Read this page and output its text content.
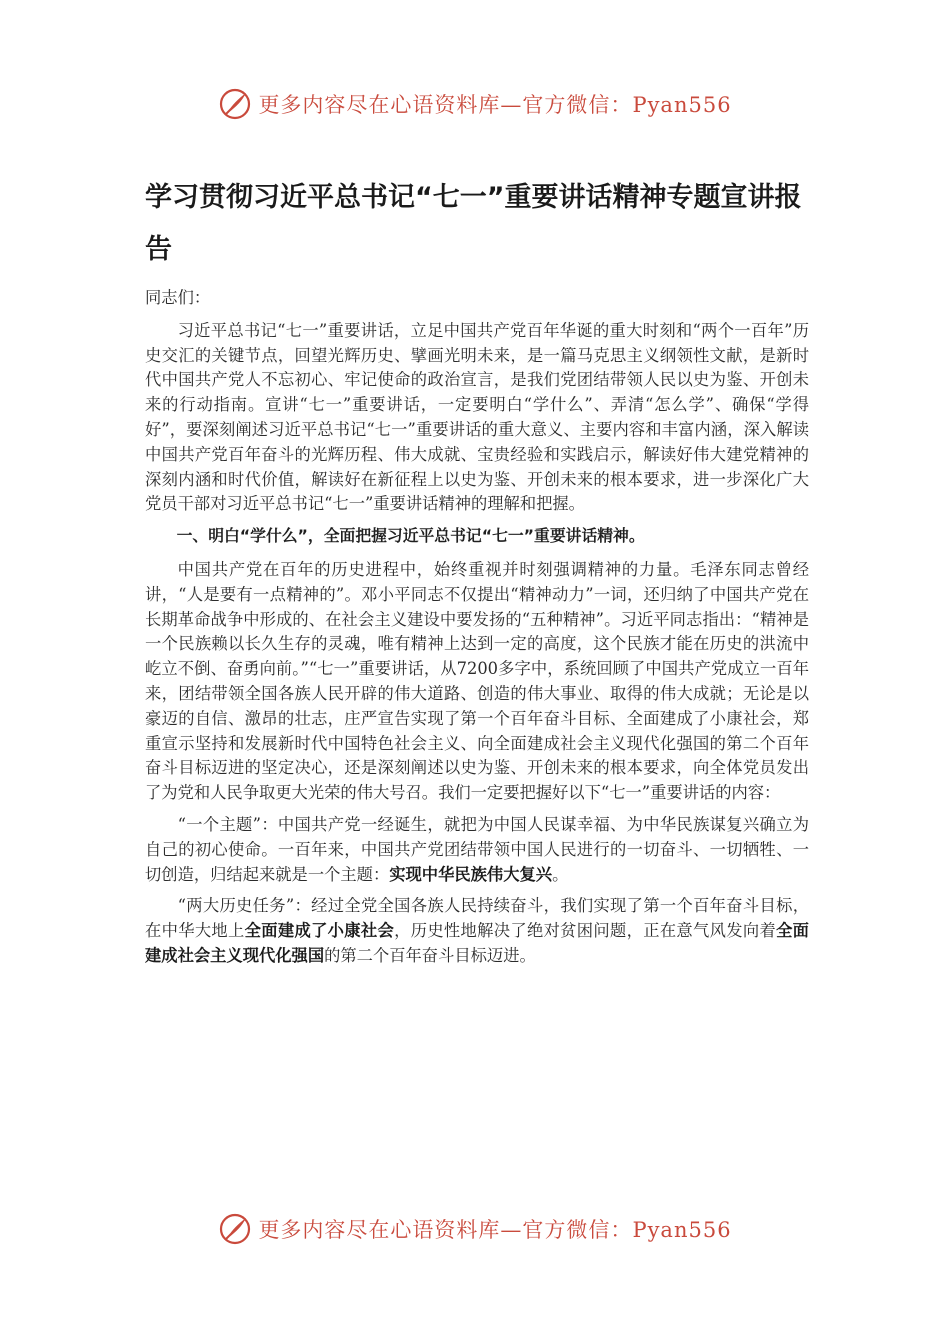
更多内容尽在心语资料库—官方微信：Pyan556
学习贯彻习近平总书记“七一”重要讲话精神专题宣讲报告

同志们：

习近平总书记“七一”重要讲话，立足中国共产党百年华诞的重大时刻和“两个一百年”历史交汇的关键节点，回望光辉历史、擘画光明未来，是一篇马克思主义纲领性文献，是新时代中国共产党人不忘初心、牢记使命的政治宣言，是我们党团结带领人民以史为鉴、开创未来的行动指南。宣讲“七一”重要讲话，一定要明白“学什么”、弄清“怎么学”、确保“学得好”，要深刻阐述习近平总书记“七一”重要讲话的重大意义、主要内容和丰富内涵，深入解读中国共产党百年奋斗的光辉历程、伟大成就、宝贵经验和实践启示，解读好伟大建党精神的深刻内涵和时代价值，解读好在新征程上以史为鉴、开创未来的根本要求，进一步深化广大党员干部对习近平总书记“七一”重要讲话精神的理解和把握。

一、明白“学什么”，全面把握习近平总书记“七一”重要讲话精神。

中国共产党在百年的历史进程中，始终重视并时刻强调精神的力量。毛泽东同志曾经讲，“人是要有一点精神的”。邓小平同志不仅提出“精神动力”一词，还归纳了中国共产党在长期革命战争中形成的、在社会主义建设中要发扬的“五种精神”。习近平同志指出：“精神是一个民族赖以长久生存的灵魂，唯有精神上达到一定的高度，这个民族才能在历史的洪流中屹立不倒、奋勇向前。”“七一”重要讲话，从7200多字中，系统回顾了中国共产党成立一百年来，团结带领全国各族人民开辟的伟大道路、创造的伟大事业、取得的伟大成就；无论是以豪迈的自信、激昂的壮志，庄严宣告实现了第一个百年奋斗目标、全面建成了小康社会，郑重宣示坚持和发展新时代中国特色社会主义、向全面建成社会主义现代化强国的第二个百年奋斗目标迈进的坚定决心，还是深刻阐述以史为鉴、开创未来的根本要求，向全体党员发出了为党和人民争取更大光荣的伟大号召。我们一定要把握好以下“七一”重要讲话的内容：

“一个主题”：中国共产党一经诞生，就把为中国人民谋幸福、为中华民族谋复兴确立为自己的初心使命。一百年来，中国共产党团结带领中国人民进行的一切奋斗、一切牺牲、一切创造，归结起来就是一个主题：实现中华民族伟大复兴。

“两大历史任务”：经过全党全国各族人民持续奋斗，我们实现了第一个百年奋斗目标，在中华大地上全面建成了小康社会，历史性地解决了绝对贫困问题，正在意气风发向着全面建成社会主义现代化强国的第二个百年奋斗目标迈进。

更多内容尽在心语资料库—官方微信：Pyan556
